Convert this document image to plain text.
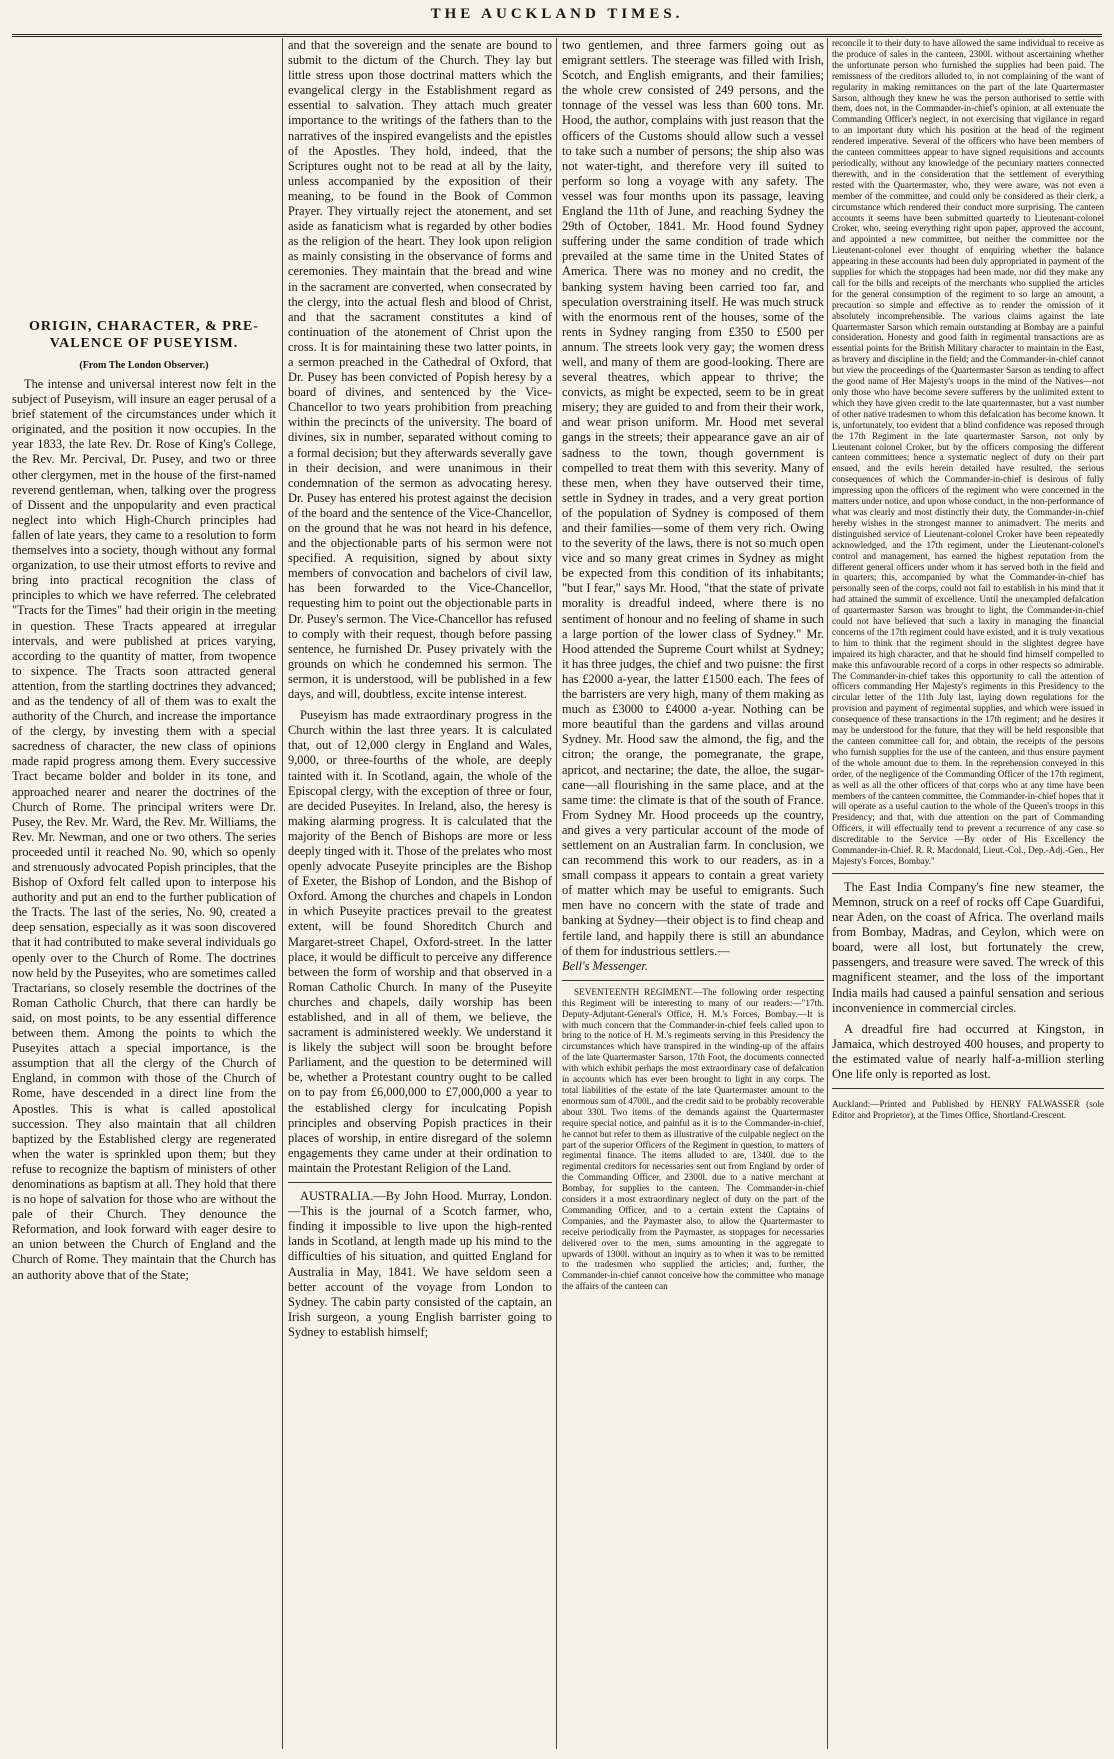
THE AUCKLAND TIMES.
ORIGIN, CHARACTER, & PRE-VALENCE OF PUSEYISM.
(From The London Observer.)

The intense and universal interest now felt in the subject of Puseyism, will insure an eager perusal of a brief statement of the circumstances under which it originated, and the position it now occupies. In the year 1833, the late Rev. Dr. Rose of King's College, the Rev. Mr. Percival, Dr. Pusey, and two or three other clergymen, met in the house of the first-named reverend gentleman, when, talking over the progress of Dissent and the unpopularity and even practical neglect into which High-Church principles had fallen of late years, they came to a resolution to form themselves into a society, though without any formal organization, to use their utmost efforts to revive and bring into practical recognition the class of principles to which we have referred. The celebrated "Tracts for the Times" had their origin in the meeting in question. These Tracts appeared at irregular intervals, and were published at prices varying, according to the quantity of matter, from twopence to sixpence. The Tracts soon attracted general attention, from the startling doctrines they advanced; and as the tendency of all of them was to exalt the authority of the Church, and increase the importance of the clergy, by investing them with a special sacredness of character, the new class of opinions made rapid progress among them. Every successive Tract became bolder and bolder in its tone, and approached nearer and nearer the doctrines of the Church of Rome. The principal writers were Dr. Pusey, the Rev. Mr. Ward, the Rev. Mr. Williams, the Rev. Mr. Newman, and one or two others. The series proceeded until it reached No. 90, which so openly and strenuously advocated Popish principles, that the Bishop of Oxford felt called upon to interpose his authority and put an end to the further publication of the Tracts. The last of the series, No. 90, created a deep sensation, especially as it was soon discovered that it had contributed to make several individuals go openly over to the Church of Rome. The doctrines now held by the Puseyites, who are sometimes called Tractarians, so closely resemble the doctrines of the Roman Catholic Church, that there can hardly be said, on most points, to be any essential difference between them. Among the points to which the Puseyites attach a special importance, is the assumption that all the clergy of the Church of England, in common with those of the Church of Rome, have descended in a direct line from the Apostles. This is what is called apostolical succession. They also maintain that all children baptized by the Established clergy are regenerated when the water is sprinkled upon them; but they refuse to recognize the baptism of ministers of other denominations as baptism at all. They hold that there is no hope of salvation for those who are without the pale of their Church. They denounce the Reformation, and look forward with eager desire to an union between the Church of England and the Church of Rome. They maintain that the Church has an authority above that of the State;

and that the sovereign and the senate are bound to submit to the dictum of the Church. They lay but little stress upon those doctrinal matters which the evangelical clergy in the Establishment regard as essential to salvation. They attach much greater importance to the writings of the fathers than to the narratives of the inspired evangelists and the epistles of the Apostles. They hold, indeed, that the Scriptures ought not to be read at all by the laity, unless accompanied by the exposition of their meaning, to be found in the Book of Common Prayer. They virtually reject the atonement, and set aside as fanaticism what is regarded by other bodies as the religion of the heart. They look upon religion as mainly consisting in the observance of forms and ceremonies. They maintain that the bread and wine in the sacrament are converted, when consecrated by the clergy, into the actual flesh and blood of Christ, and that the sacrament constitutes a kind of continuation of the atonement of Christ upon the cross. It is for maintaining these two latter points, in a sermon preached in the Cathedral of Oxford, that Dr. Pusey has been convicted of Popish heresy by a board of divines, and sentenced by the Vice-Chancellor to two years prohibition from preaching within the precincts of the university. The board of divines, six in number, separated without coming to a formal decision; but they afterwards severally gave in their decision, and were unanimous in their condemnation of the sermon as advocating heresy. Dr. Pusey has entered his protest against the decision of the board and the sentence of the Vice-Chancellor, on the ground that he was not heard in his defence, and the objectionable parts of his sermon were not specified. A requisition, signed by about sixty members of convocation and bachelors of civil law, has been forwarded to the Vice-Chancellor, requesting him to point out the objectionable parts in Dr. Pusey's sermon. The Vice-Chancellor has refused to comply with their request, though before passing sentence, he furnished Dr. Pusey privately with the grounds on which he condemned his sermon. The sermon, it is understood, will be published in a few days, and will, doubtless, excite intense interest.

Puseyism has made extraordinary progress in the Church within the last three years. It is calculated that, out of 12,000 clergy in England and Wales, 9,000, or three-fourths of the whole, are deeply tainted with it. In Scotland, again, the whole of the Episcopal clergy, with the exception of three or four, are decided Puseyites. In Ireland, also, the heresy is making alarming progress. It is calculated that the majority of the Bench of Bishops are more or less deeply tinged with it. Those of the prelates who most openly advocate Puseyite principles are the Bishop of Exeter, the Bishop of London, and the Bishop of Oxford. Among the churches and chapels in London in which Puseyite practices prevail to the greatest extent, will be found Shoreditch Church and Margaret-street Chapel, Oxford-street. In the latter place, it would be difficult to perceive any difference between the form of worship and that observed in a Roman Catholic Church. In many of the Puseyite churches and chapels, daily worship has been established, and in all of them, we believe, the sacrament is administered weekly. We understand it is likely the subject will soon be brought before Parliament, and the question to be determined will be, whether a Protestant country ought to be called on to pay from £6,000,000 to £7,000,000 a year to the established clergy for inculcating Popish principles and observing Popish practices in their places of worship, in entire disregard of the solemn engagements they came under at their ordination to maintain the Protestant Religion of the Land.

AUSTRALIA.—By John Hood. Murray, London.—This is the journal of a Scotch farmer, who, finding it impossible to live upon the high-rented lands in Scotland, at length made up his mind to the difficulties of his situation, and quitted England for Australia in May, 1841. We have seldom seen a better account of the voyage from London to Sydney. The cabin party consisted of the captain, an Irish surgeon, a young English barrister going to Sydney to establish himself;

two gentlemen, and three farmers going out as emigrant settlers. The steerage was filled with Irish, Scotch, and English emigrants, and their families; the whole crew consisted of 249 persons, and the tonnage of the vessel was less than 600 tons. Mr. Hood, the author, complains with just reason that the officers of the Customs should allow such a vessel to take such a number of persons; the ship also was not water-tight, and therefore very ill suited to perform so long a voyage with any safety. The vessel was four months upon its passage, leaving England the 11th of June, and reaching Sydney the 29th of October, 1841. Mr. Hood found Sydney suffering under the same condition of trade which prevailed at the same time in the United States of America. There was no money and no credit, the banking system having been carried too far, and speculation overstraining itself. He was much struck with the enormous rent of the houses, some of the rents in Sydney ranging from £350 to £500 per annum. The streets look very gay; the women dress well, and many of them are good-looking. There are several theatres, which appear to thrive; the convicts, as might be expected, seem to be in great misery; they are guided to and from their their work, and wear prison uniform. Mr. Hood met several gangs in the streets; their appearance gave an air of sadness to the town, though government is compelled to treat them with this severity. Many of these men, when they have outserved their time, settle in Sydney in trades, and a very great portion of the population of Sydney is composed of them and their families—some of them very rich. Owing to the severity of the laws, there is not so much open vice and so many great crimes in Sydney as might be expected from this condition of its inhabitants; "but I fear," says Mr. Hood, "that the state of private morality is dreadful indeed, where there is no sentiment of honour and no feeling of shame in such a large portion of the lower class of Sydney." Mr. Hood attended the Supreme Court whilst at Sydney; it has three judges, the chief and two puisne: the first has £2000 a-year, the latter £1500 each. The fees of the barristers are very high, many of them making as much as £3000 to £4000 a-year. Nothing can be more beautiful than the gardens and villas around Sydney. Mr. Hood saw the almond, the fig, and the citron; the orange, the pomegranate, the grape, apricot, and nectarine; the date, the alloe, the sugar-cane—all flourishing in the same place, and at the same time: the climate is that of the south of France. From Sydney Mr. Hood proceeds up the country, and gives a very particular account of the mode of settlement on an Australian farm. In conclusion, we can recommend this work to our readers, as in a small compass it appears to contain a great variety of matter which may be useful to emigrants. Such men have no concern with the state of trade and banking at Sydney—their object is to find cheap and fertile land, and happily there is still an abundance of them for industrious settlers.—

Bell's Messenger.

SEVENTEENTH REGIMENT.—The following order respecting this Regiment will be interesting to many of our readers:—"17th. Deputy-Adjutant-General's Office, H. M.'s Forces, Bombay.—It is with much concern that the Commander-in-chief feels called upon to bring to the notice of H. M.'s regiments serving in this Presidency the circumstances which have transpired in the winding-up of the affairs of the late Quartermaster Sarson, 17th Foot, the documents connected with which exhibit perhaps the most extraordinary case of defalcation in accounts which has ever been brought to light in any corps. The total liabilities of the estate of the late Quartermaster amount to the enormous sum of 4700l., and the credit said to be probably recoverable about 330l. Two items of the demands against the Quartermaster require special notice, and painful as it is to the Commander-in-chief, he cannot but refer to them as illustrative of the culpable neglect on the part of the superior Officers of the Regiment in question, to matters of regimental finance. The items alluded to are, 1340l. due to the regimental creditors for necessaries sent out from England by order of the Commanding Officer, and 2300l. due to a native merchant at Bombay, for supplies to the canteen. The Commander-in-chief considers it a most extraordinary neglect of duty on the part of the Commanding Officer, and to a certain extent the Captains of Companies, and the Paymaster also, to allow the Quartermaster to receive periodically from the Paymaster, as stoppages for necessaries delivered over to the men, sums amounting in the aggregate to upwards of 1300l. without an inquiry as to when it was to be remitted to the tradesmen who supplied the articles; and, further, the Commander-in-chief cannot conceive how the committee who manage the affairs of the canteen can

reconcile it to their duty to have allowed the same individual to receive as the produce of sales in the canteen, 2300l. without ascertaining whether the unfortunate person who furnished the supplies had been paid. The remissness of the creditors alluded to, in not complaining of the want of regularity in making remittances on the part of the late Quartermaster Sarson, although they knew he was the person authorised to settle with them, does not, in the Commander-in-chief's opinion, at all extenuate the Commanding Officer's neglect, in not exercising that vigilance in regard to an important duty which his position at the head of the regiment rendered imperative. Several of the officers who have been members of the canteen committees appear to have signed requisitions and accounts periodically, without any knowledge of the pecuniary matters connected therewith, and in the consideration that the settlement of everything rested with the Quartermaster, who, they were aware, was not even a member of the committee, and could only be considered as their clerk, a circumstance which rendered their conduct more surprising. The canteen accounts it seems have been submitted quarterly to Lieutenant-colonel Croker, who, seeing everything right upon paper, approved the account, and appointed a new committee, but neither the committee nor the Lieutenant-colonel ever thought of enquiring whether the balance appearing in these accounts had been duly appropriated in payment of the supplies for which the stoppages had been made, nor did they make any call for the bills and receipts of the merchants who supplied the articles for the general consumption of the regiment to so large an amount, a precaution so simple and effective as to render the omission of it absolutely incomprehensible. The various claims against the late Quartermaster Sarson which remain outstanding at Bombay are a painful consideration. Honesty and good faith in regimental transactions are as essential points for the British Military character to maintain in the East, as bravery and discipline in the field; and the Commander-in-chief cannot but view the proceedings of the Quartermaster Sarson as tending to affect the good name of Her Majesty's troops in the mind of the Natives—not only those who have become severe sufferers by the unlimited extent to which they have given credit to the late quartermaster, but a vast number of other native tradesmen to whom this defalcation has become known. It is, unfortunately, too evident that a blind confidence was reposed through the 17th Regiment in the late quartermaster Sarson, not only by Lieutenant colonel Croker, but by the officers composing the different canteen committees; hence a systematic neglect of duty on their part ensued, and the evils herein detailed have resulted, the serious consequences of which the Commander-in-chief is desirous of fully impressing upon the officers of the regiment who were concerned in the matters under notice, and upon whose conduct, in the non-performance of what was clearly and most distinctly their duty, the Commander-in-chief hereby wishes in the strongest manner to animadvert. The merits and distinguished service of Lieutenant-colonel Croker have been repeatedly acknowledged, and the 17th regiment, under the Lieutenant-colonel's control and management, has earned the highest reputation from the different general officers under whom it has served both in the field and in quarters; this, accompanied by what the Commander-in-chief has personally seen of the corps, could not fail to establish in his mind that it had attained the summit of excellence. Until the unexampled defalcation of quartermaster Sarson was brought to light, the Commander-in-chief could not have believed that such a laxity in managing the financial concerns of the 17th regiment could have existed, and it is truly vexatious to him to think that the regiment should in the slightest degree have impaired its high character, and that he should find himself compelled to make this unfavourable record of a corps in other respects so admirable. The Commander-in-chief takes this opportunity to call the attention of officers commanding Her Majesty's regiments in this Presidency to the circular letter of the 11th July last, laying down regulations for the provision and payment of regimental supplies, and which were issued in consequence of these transactions in the 17th regiment; and he desires it may be understood for the future, that they will be held responsible that the canteen committee call for, and obtain, the receipts of the persons who furnish supplies for the use of the canteen, and thus ensure payment of the whole amount due to them. In the reprehension conveyed in this order, of the negligence of the Commanding Officer of the 17th regiment, as well as all the other officers of that corps who at any time have been members of the canteen committee, the Commander-in-chief hopes that it will operate as a useful caution to the whole of the Queen's troops in this Presidency; and that, with due attention on the part of Commanding Officers, it will effectually tend to prevent a recurrence of any case so discreditable to the Service —By order of His Excellency the Commander-in-Chief. R. R. Macdonald, Lieut.-Col., Dep.-Adj.-Gen., Her Majesty's Forces, Bombay."

The East India Company's fine new steamer, the Memnon, struck on a reef of rocks off Cape Guardifui, near Aden, on the coast of Africa. The overland mails from Bombay, Madras, and Ceylon, which were on board, were all lost, but fortunately the crew, passengers, and treasure were saved. The wreck of this magnificent steamer, and the loss of the important India mails had caused a painful sensation and serious inconvenience in commercial circles.

A dreadful fire had occurred at Kingston, in Jamaica, which destroyed 400 houses, and property to the estimated value of nearly half-a-million sterling One life only is reported as lost.

Auckland:—Printed and Published by HENRY FALWASSER (sole Editor and Proprietor), at the Times Office, Shortland-Crescent.
